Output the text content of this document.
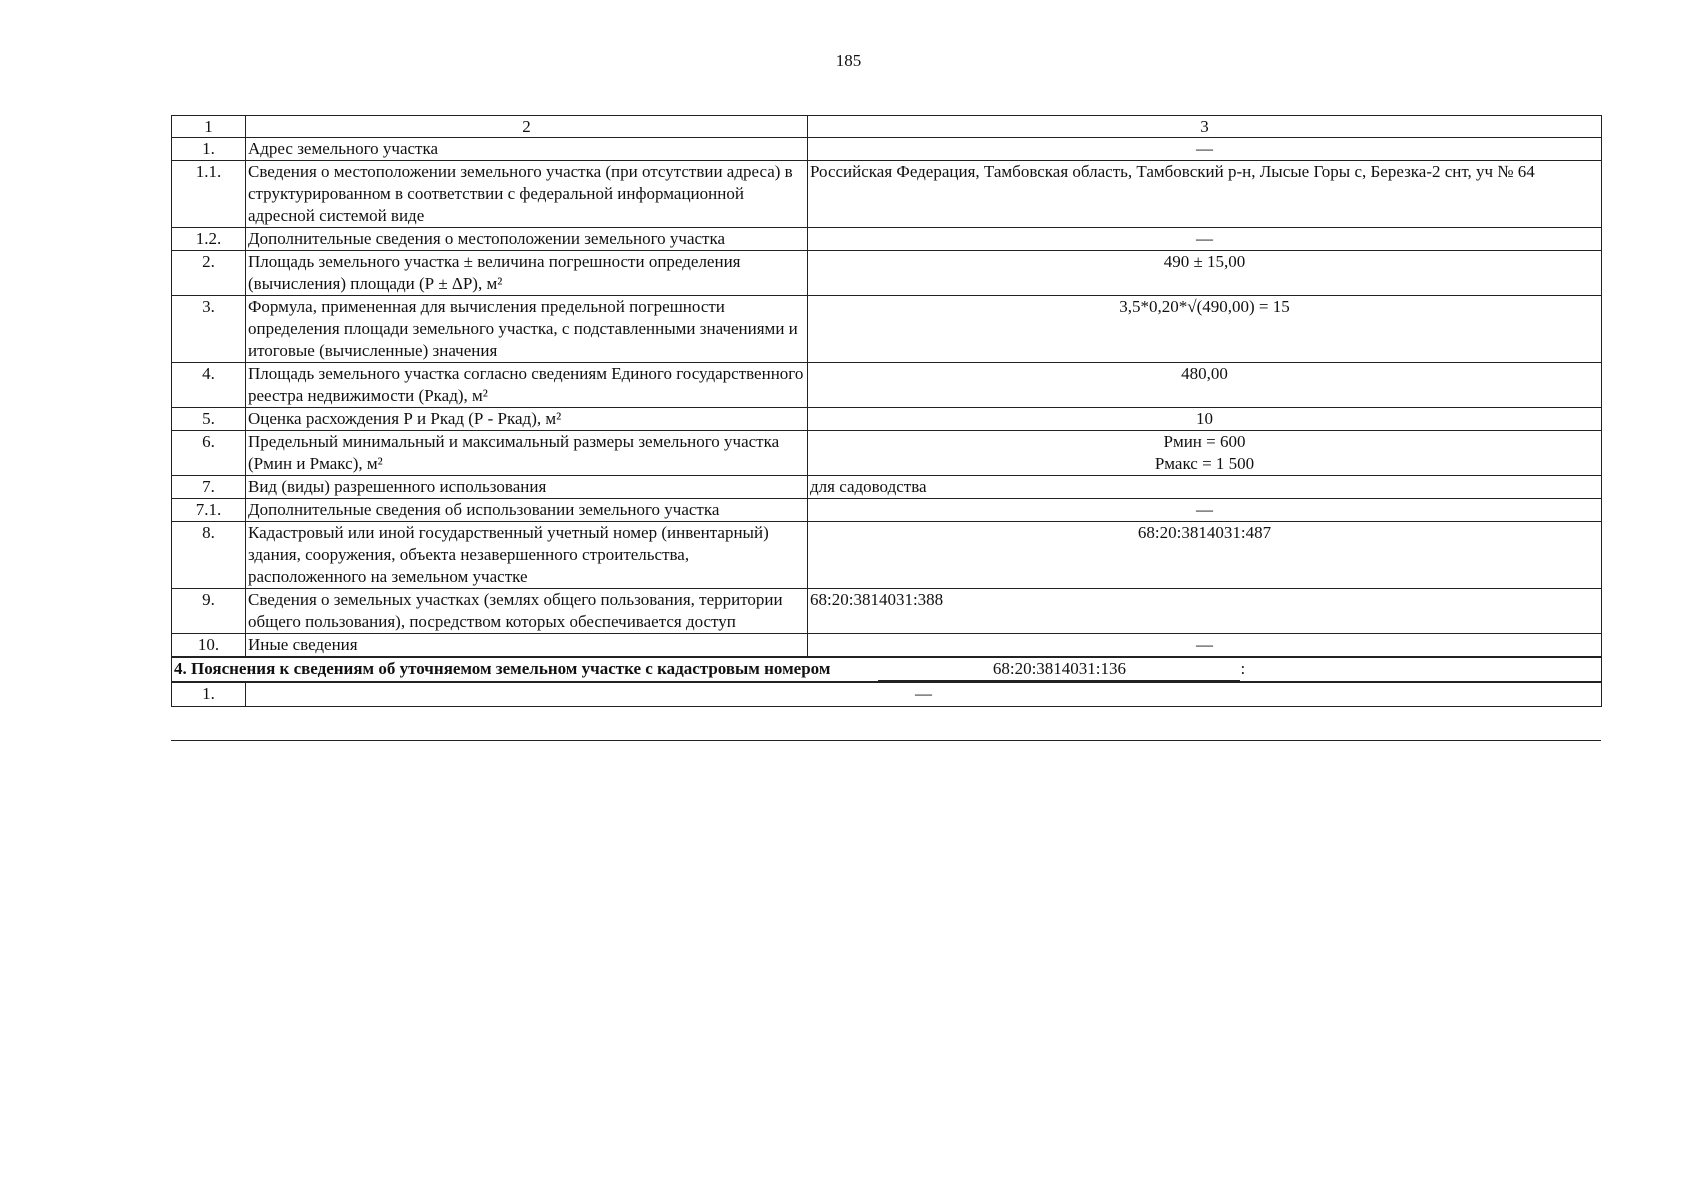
185
1	2	3
1.	Адрес земельного участка	—
1.1.	Сведения о местоположении земельного участка (при отсутствии адреса) в структурированном в соответствии с федеральной информационной адресной системой виде	Российская Федерация, Тамбовская область, Тамбовский р-н, Лысые Горы с, Березка-2 снт, уч № 64
1.2.	Дополнительные сведения о местоположении земельного участка	—
2.	Площадь земельного участка ± величина погрешности определения (вычисления) площади (Р ± ΔР), м²	490 ± 15,00
3.	Формула, примененная для вычисления предельной погрешности определения площади земельного участка, с подставленными значениями и итоговые (вычисленные) значения	3,5*0,20*√(490,00) = 15
4.	Площадь земельного участка согласно сведениям Единого государственного реестра недвижимости (Ркад), м²	480,00
5.	Оценка расхождения Р и Ркад (Р - Ркад), м²	10
6.	Предельный минимальный и максимальный размеры земельного участка (Рмин и Рмакс), м²	Рмин = 600
Рмакс = 1 500

7.	Вид (виды) разрешенного использования	для садоводства
7.1.	Дополнительные сведения об использовании земельного участка	—
8.	Кадастровый или иной государственный учетный номер (инвентарный) здания, сооружения, объекта незавершенного строительства, расположенного на земельном участке	68:20:3814031:487
9.	Сведения о земельных участках (землях общего пользования, территории общего пользования), посредством которых обеспечивается доступ	68:20:3814031:388
10.	Иные сведения	—
4. Пояснения к сведениям об уточняемом земельном участке с кадастровым номером 68:20:3814031:136 :		
1.	—	
